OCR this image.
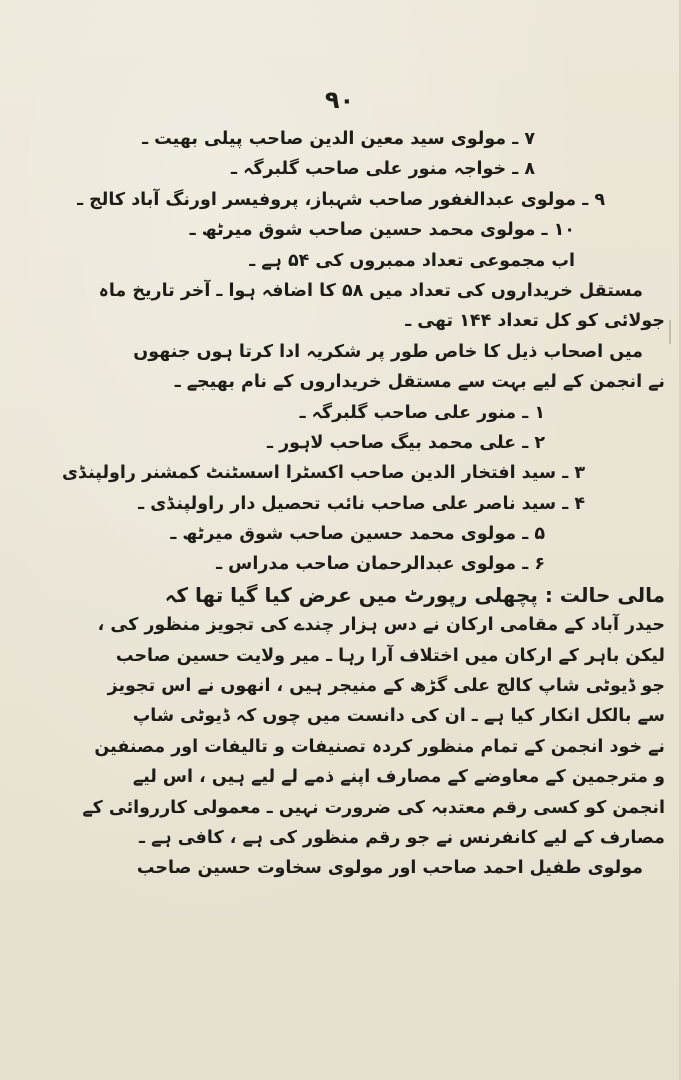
۹۰
۷ ـ مولوی سید معین الدین صاحب پیلی بھیت ـ
۸ ـ خواجہ منور علی صاحب گلبرگہ ـ
۹ ـ مولوی عبدالغفور صاحب شہباز، پروفیسر اورنگ آباد کالج ـ
۱۰ ـ مولوی محمد حسین صاحب شوق میرٹھ ـ
اب مجموعی تعداد ممبروں کی ۵۴ ہے ـ
مستقل خریداروں کی تعداد میں ۵۸ کا اضافہ ہوا ـ آخر تاریخ ماہ
جولائی کو کل تعداد ۱۴۴ تھی ـ
میں اصحاب ذیل کا خاص طور پر شکریہ ادا کرتا ہوں جنھوں
نے انجمن کے لیے بہت سے مستقل خریداروں کے نام بھیجے ـ
۱ ـ منور علی صاحب گلبرگہ ـ
۲ ـ علی محمد بیگ صاحب لاہور ـ
۳ ـ سید افتخار الدین صاحب اکسٹرا اسسٹنٹ کمشنر راولپنڈی
۴ ـ سید ناصر علی صاحب نائب تحصیل دار راولپنڈی ـ
۵ ـ مولوی محمد حسین صاحب شوق میرٹھ ـ
۶ ـ مولوی عبدالرحمان صاحب مدراس ـ
مالی حالت : پچھلی رپورٹ میں عرض کیا گیا تھا کہ
حیدر آباد کے مقامی ارکان نے دس ہزار چندے کی تجویز منظور کی ،
لیکن باہر کے ارکان میں اختلاف آرا رہا ـ میر ولایت حسین صاحب
جو ڈیوٹی شاپ کالج علی گڑھ کے منیجر ہیں ، انھوں نے اس تجویز
سے بالکل انکار کیا ہے ـ ان کی دانست میں چوں کہ ڈیوٹی شاپ
نے خود انجمن کے تمام منظور کردہ تصنیفات و تالیفات اور مصنفین
و مترجمین کے معاوضے کے مصارف اپنے ذمے لے لیے ہیں ، اس لیے
انجمن کو کسی رقم معتدبہ کی ضرورت نہیں ـ معمولی کارروائی کے
مصارف کے لیے کانفرنس نے جو رقم منظور کی ہے ، کافی ہے ـ
مولوی طفیل احمد صاحب اور مولوی سخاوت حسین صاحب
